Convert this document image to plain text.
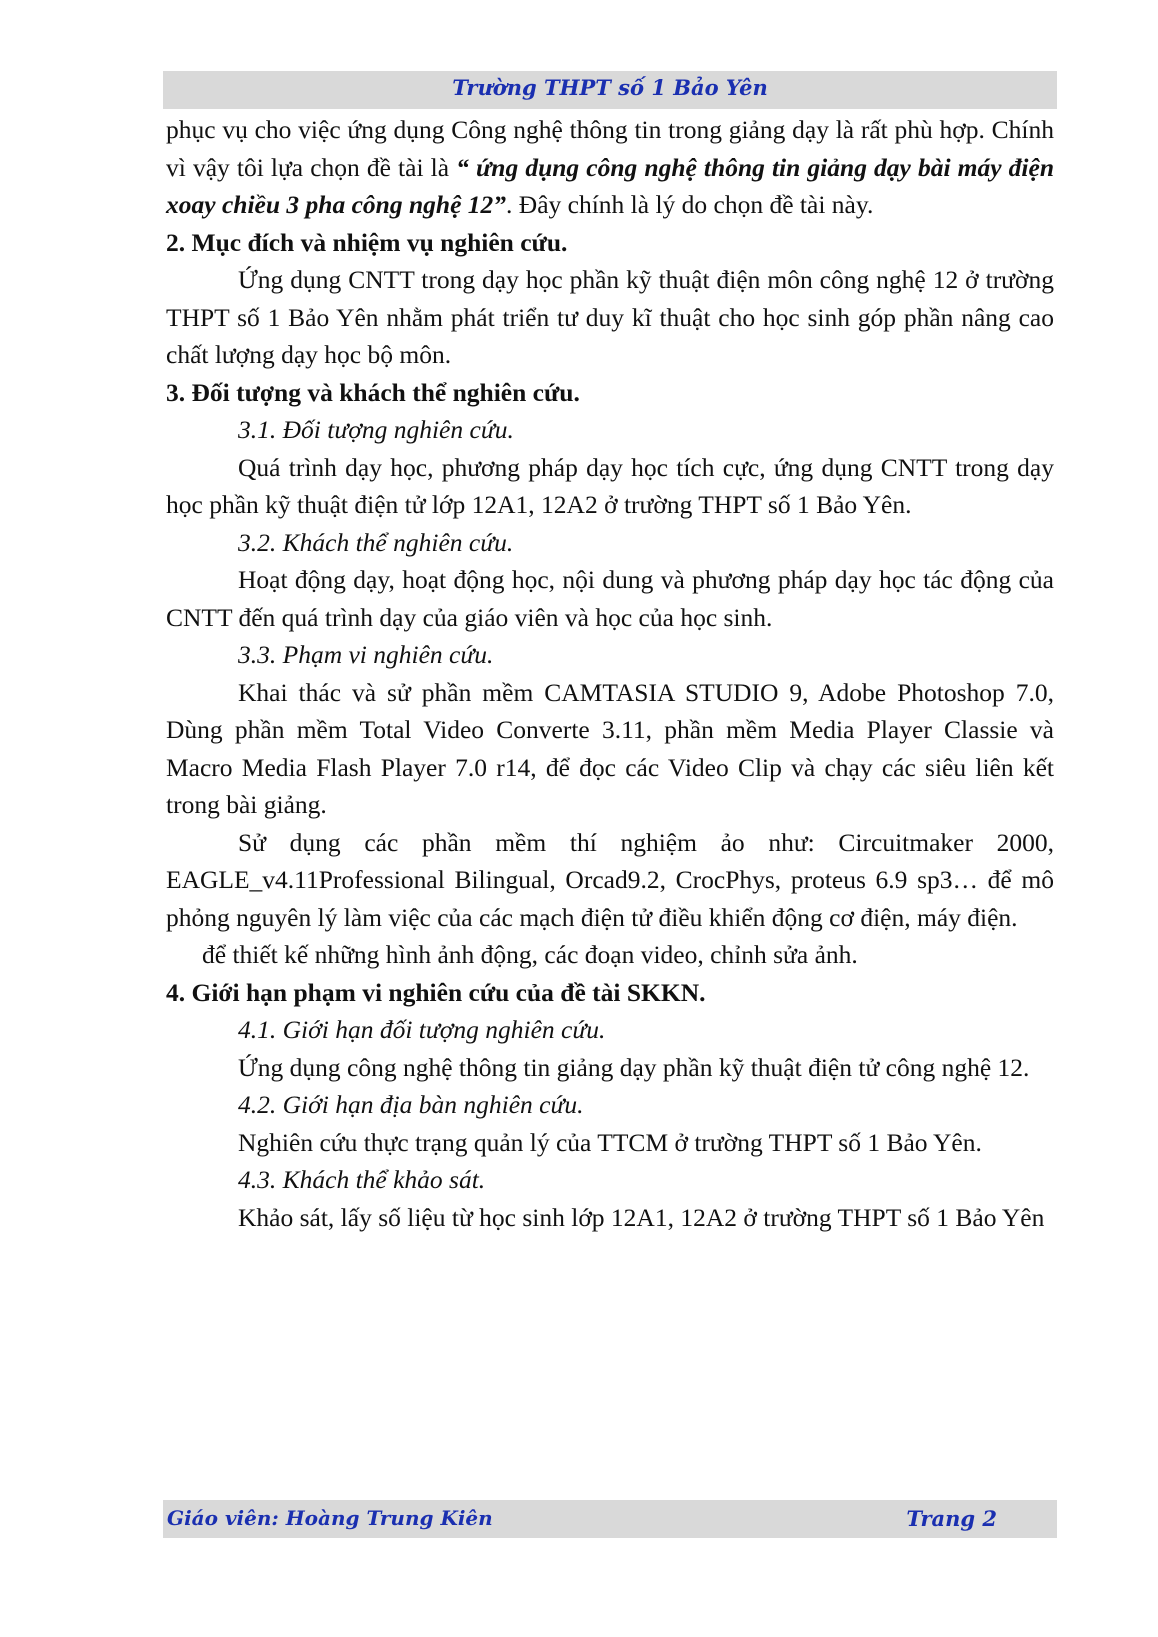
Trường THPT số 1 Bảo Yên

phục vụ cho việc ứng dụng Công nghệ thông tin trong giảng dạy là rất phù hợp. Chính vì vậy tôi lựa chọn đề tài là “ ứng dụng công nghệ thông tin giảng dạy bài máy điện xoay chiều 3 pha công nghệ 12”. Đây chính là lý do chọn đề tài này.

2. Mục đích và nhiệm vụ nghiên cứu.

Ứng dụng CNTT trong dạy học phần kỹ thuật điện môn công nghệ 12 ở trường THPT số 1 Bảo Yên nhằm phát triển tư duy kĩ thuật cho học sinh góp phần nâng cao chất lượng dạy học bộ môn.

3. Đối tượng và khách thể nghiên cứu.

3.1. Đối tượng nghiên cứu.

Quá trình dạy học, phương pháp dạy học tích cực, ứng dụng CNTT trong dạy học phần kỹ thuật điện tử lớp 12A1, 12A2 ở trường THPT số 1 Bảo Yên.

3.2. Khách thể nghiên cứu.

Hoạt động dạy, hoạt động học, nội dung và phương pháp dạy học tác động của CNTT đến quá trình dạy của giáo viên và học của học sinh.

3.3. Phạm vi nghiên cứu.

Khai thác và sử phần mềm CAMTASIA STUDIO 9, Adobe Photoshop 7.0, Dùng phần mềm Total Video Converte 3.11, phần mềm Media Player Classie và Macro Media Flash Player 7.0 r14, để đọc các Video Clip và chạy các siêu liên kết trong bài giảng.

Sử dụng các phần mềm thí nghiệm ảo như: Circuitmaker 2000, EAGLE_v4.11Professional Bilingual, Orcad9.2, CrocPhys, proteus 6.9 sp3… để mô phỏng nguyên lý làm việc của các mạch điện tử điều khiển động cơ điện, máy điện.

để thiết kế những hình ảnh động, các đoạn video, chỉnh sửa ảnh.

4. Giới hạn phạm vi nghiên cứu của đề tài SKKN.

4.1. Giới hạn đối tượng nghiên cứu.

Ứng dụng công nghệ thông tin giảng dạy phần kỹ thuật điện tử công nghệ 12.

4.2. Giới hạn địa bàn nghiên cứu.

Nghiên cứu thực trạng quản lý của TTCM ở trường THPT số 1 Bảo Yên.

4.3. Khách thể khảo sát.

Khảo sát, lấy số liệu từ học sinh lớp 12A1, 12A2 ở trường THPT số 1 Bảo Yên

Giáo viên: Hoàng Trung Kiên	Trang 2
